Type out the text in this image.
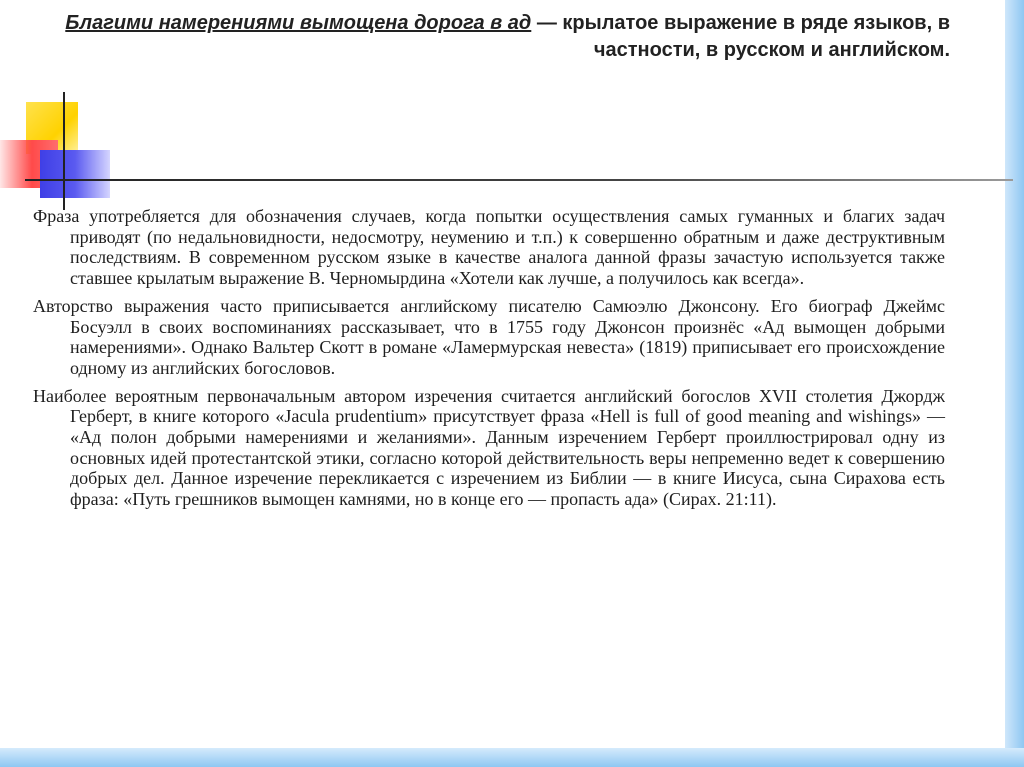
Благими намерениями вымощена дорога в ад — крылатое выражение в ряде языков, в частности, в русском и английском.

Фраза употребляется для обозначения случаев, когда попытки осуществления самых гуманных и благих задач приводят (по недальновидности, недосмотру, неумению и т.п.) к совершенно обратным и даже деструктивным последствиям. В современном русском языке в качестве аналога данной фразы зачастую используется также ставшее крылатым выражение В. Черномырдина «Хотели как лучше, а получилось как всегда».

Авторство выражения часто приписывается английскому писателю Самюэлю Джонсону. Его биограф Джеймс Босуэлл в своих воспоминаниях рассказывает, что в 1755 году Джонсон произнёс «Ад вымощен добрыми намерениями». Однако Вальтер Скотт в романе «Ламермурская невеста» (1819) приписывает его происхождение одному из английских богословов.

Наиболее вероятным первоначальным автором изречения считается английский богослов XVII столетия Джордж Герберт, в книге которого «Jacula prudentium» присутствует фраза «Hell is full of good meaning and wishings» — «Ад полон добрыми намерениями и желаниями». Данным изречением Герберт проиллюстрировал одну из основных идей протестантской этики, согласно которой действительность веры непременно ведет к совершению добрых дел. Данное изречение перекликается с изречением из Библии — в книге Иисуса, сына Сирахова есть фраза: «Путь грешников вымощен камнями, но в конце его — пропасть ада» (Сирах. 21:11).
